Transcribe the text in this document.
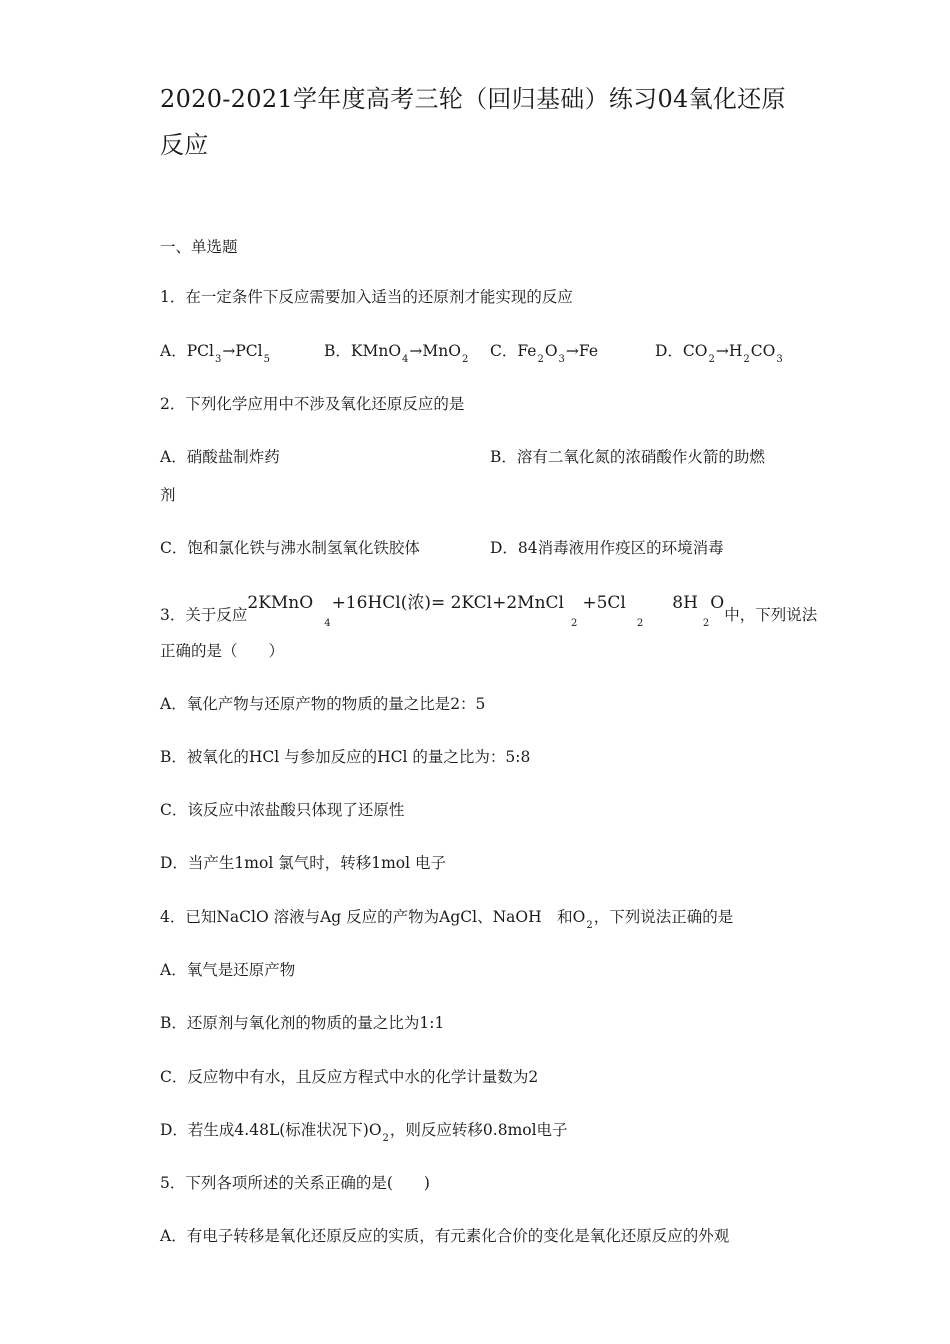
2020-2021学年度高考三轮（回归基础）练习04氧化还原反应
一、单选题
1．在一定条件下反应需要加入适当的还原剂才能实现的反应
A．PCl$_3$→PCl$_5$	B．KMnO$_4$→MnO$_2$ C．$Fe_2O_3\to Fe$	D．$CO_2\to H_2CO_3$
2．下列化学应用中不涉及氧化还原反应的是
A．硝酸盐制炸药	B．溶有二氧化氮的浓硝酸作火箭的助燃
剂
C．饱和氯化铁与沸水制氢氧化铁胶体	D．84消毒液用作疫区的环境消毒
3．关于反应2KMnO$_4$+16HCl(浓)= $2KCl+2MnCl_2+5Cl_28H_2O$中，下列说法
正确的是（　　）
A．氧化产物与还原产物的物质的量之比是2：5
B．被氧化的HCl 与参加反应的HCl 的量之比为：5:8
C．该反应中浓盐酸只体现了还原性
D．当产生1mol 氯气时，转移1mol 电子
4．已知NaClO 溶液与Ag 反应的产物为AgCl、NaOH　和$O_2$，下列说法正确的是
A．氧气是还原产物
B．还原剂与氧化剂的物质的量之比为1:1
C．反应物中有水，且反应方程式中水的化学计量数为2
D．若生成4.48L(标准状况下)$O_2$，则反应转移0.8mol电子
5．下列各项所述的关系正确的是(　　)
A．有电子转移是氧化还原反应的实质，有元素化合价的变化是氧化还原反应的外观
